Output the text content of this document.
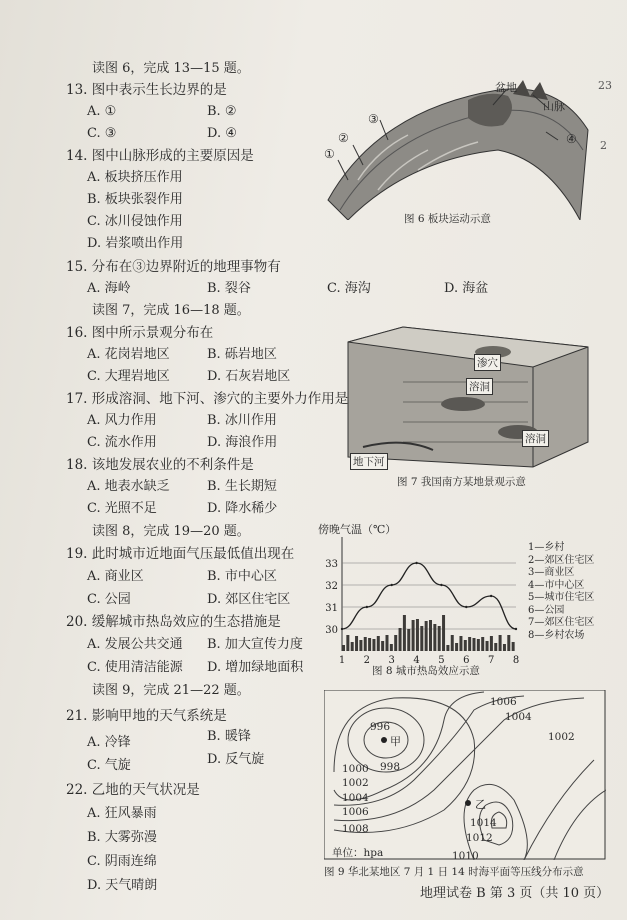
读图 6，完成 13—15 题。
13. 图中表示生长边界的是
A. ①	B. ②
C. ③	D. ④
14. 图中山脉形成的主要原因是
A. 板块挤压作用
B. 板块张裂作用
C. 冰川侵蚀作用
D. 岩浆喷出作用
15. 分布在③边界附近的地理事物有
A. 海岭	B. 裂谷	C. 海沟	D. 海盆
读图 7，完成 16—18 题。
16. 图中所示景观分布在
A. 花岗岩地区	B. 砾岩地区
C. 大理岩地区	D. 石灰岩地区
17. 形成溶洞、地下河、渗穴的主要外力作用是
A. 风力作用	B. 冰川作用
C. 流水作用	D. 海浪作用
18. 该地发展农业的不利条件是
A. 地表水缺乏	B. 生长期短
C. 光照不足	D. 降水稀少
读图 8，完成 19—20 题。
19. 此时城市近地面气压最低值出现在
A. 商业区	B. 市中心区
C. 公园	D. 郊区住宅区
20. 缓解城市热岛效应的生态措施是
A. 发展公共交通 B. 加大宣传力度
C. 使用清洁能源 D. 增加绿地面积
读图 9，完成 21—22 题。
21. 影响甲地的天气系统是
A. 冷锋	B. 暖锋
C. 气旋	D. 反气旋
22. 乙地的天气状况是
A. 狂风暴雨
B. 大雾弥漫
C. 阴雨连绵
D. 天气晴朗
①
②
③
④
盆地
山脉
图 6 板块运动示意
渗穴
溶洞
溶洞
地下河
图 7 我国南方某地景观示意
傍晚气温（℃）
30
31
32
33
1 2 3 4 5 6 7 8
1—乡村
2—郊区住宅区
3—商业区
4—市中心区
5—城市住宅区
6—公园
7—郊区住宅区
8—乡村农场
图 8 城市热岛效应示意
1006
1004
1002
996
998
1000
1002
1004
1006
1008
1010
1012
1014
甲
乙
单位：hpa
图 9 华北某地区 7 月 1 日 14 时海平面等压线分布示意
23
2
地理试卷 B 第 3 页（共 10 页）
